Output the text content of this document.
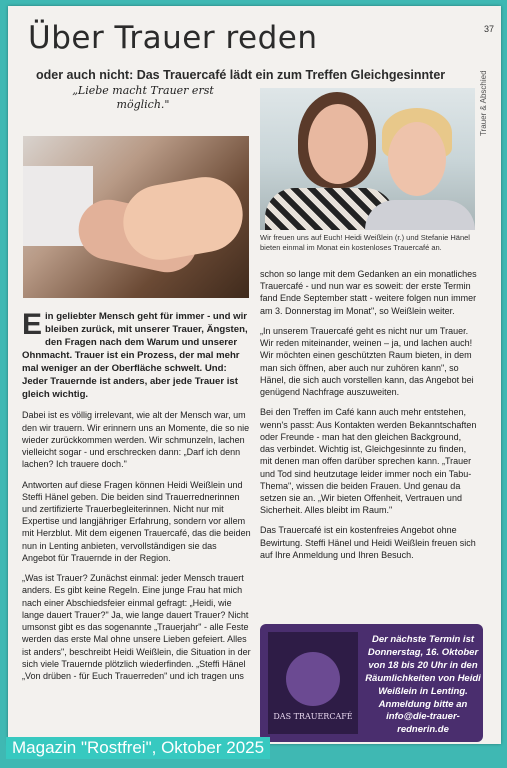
37
Trauer & Abschied
Über Trauer reden
oder auch nicht: Das Trauercafé lädt ein zum Treffen Gleichgesinnter
„Liebe macht Trauer erst möglich."
Wir freuen uns auf Euch! Heidi Weißlein (r.) und Stefanie Hänel bieten einmal im Monat ein kostenloses Trauercafé an.

Ein geliebter Mensch geht für immer - und wir bleiben zurück, mit unserer Trauer, Ängsten, den Fragen nach dem Warum und unserer Ohnmacht. Trauer ist ein Prozess, der mal mehr mal weniger an der Oberfläche schwelt. Und: Jeder Trauernde ist anders, aber jede Trauer ist gleich wichtig.

Dabei ist es völlig irrelevant, wie alt der Mensch war, um den wir trauern. Wir erinnern uns an Momente, die so nie wieder zurückkommen werden. Wir schmunzeln, lachen vielleicht sogar - und erschrecken dann: „Darf ich denn lachen? Ich trauere doch."

Antworten auf diese Fragen können Heidi Weißlein und Steffi Hänel geben. Die beiden sind Trauerrednerinnen und zertifizierte Trauerbegleiterinnen. Nicht nur mit Expertise und langjähriger Erfahrung, sondern vor allem mit Herzblut. Mit dem eigenen Trauercafé, das die beiden nun in Lenting anbieten, vervollständigen sie das Angebot für Trauernde in der Region.

„Was ist Trauer? Zunächst einmal: jeder Mensch trauert anders. Es gibt keine Regeln. Eine junge Frau hat mich nach einer Abschiedsfeier einmal gefragt: „Heidi, wie lange dauert Trauer?" Ja, wie lange dauert Trauer? Nicht umsonst gibt es das sogenannte „Trauerjahr" - alle Feste werden das erste Mal ohne unsere Lieben gefeiert. Alles ist anders", beschreibt Heidi Weißlein, die Situation in der sich viele Trauernde plötzlich wiederfinden. „Steffi Hänel „Von drüben - für Euch Trauerreden" und ich tragen uns

schon so lange mit dem Gedanken an ein monatliches Trauercafé - und nun war es soweit: der erste Termin fand Ende September statt - weitere folgen nun immer am 3. Donnerstag im Monat", so Weißlein weiter.

„In unserem Trauercafé geht es nicht nur um Trauer. Wir reden miteinander, weinen – ja, und lachen auch! Wir möchten einen geschützten Raum bieten, in dem man sich öffnen, aber auch nur zuhören kann", so Hänel, die sich auch vorstellen kann, das Angebot bei genügend Nachfrage auszuweiten.

Bei den Treffen im Café kann auch mehr entstehen, wenn's passt: Aus Kontakten werden Bekanntschaften oder Freunde - man hat den gleichen Background, das verbindet. Wichtig ist, Gleichgesinnte zu finden, mit denen man offen darüber sprechen kann. „Trauer und Tod sind heutzutage leider immer noch ein Tabu-Thema", wissen die beiden Frauen. Und genau da setzen sie an. „Wir bieten Offenheit, Vertrauen und Sicherheit. Alles bleibt im Raum."

Das Trauercafé ist ein kostenfreies Angebot ohne Bewirtung. Steffi Hänel und Heidi Weißlein freuen sich auf Ihre Anmeldung und Ihren Besuch.

DAS TRAUERCAFÉ
Der nächste Termin ist Donnerstag, 16. Oktober von 18 bis 20 Uhr in den Räumlichkeiten von Heidi Weißlein in Lenting. Anmeldung bitte an info@die-trauer-rednerin.de
Magazin "Rostfrei", Oktober 2025
